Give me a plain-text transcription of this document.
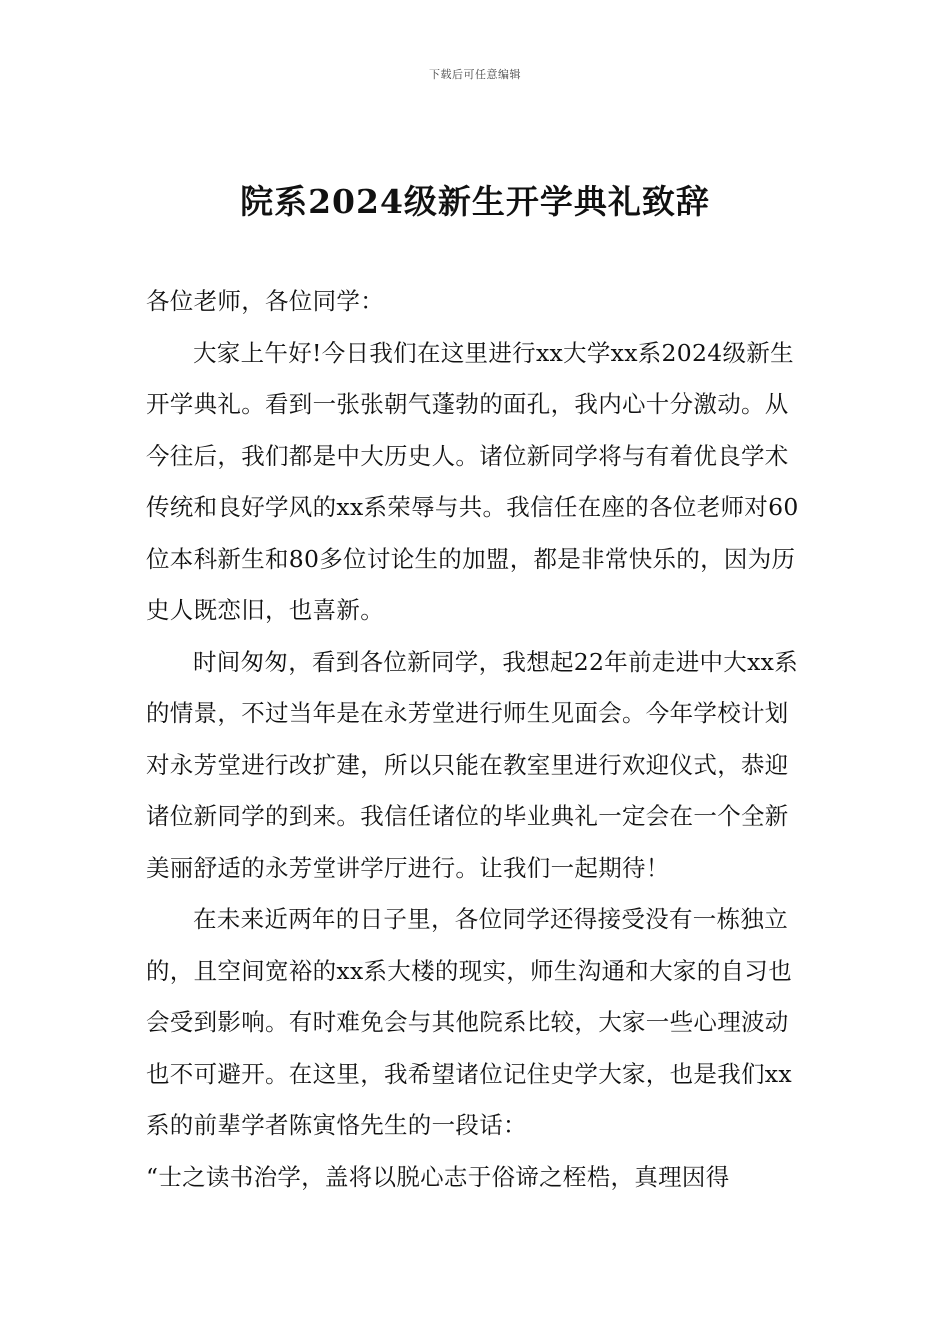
下载后可任意编辑
院系2024级新生开学典礼致辞

各位老师，各位同学：

大家上午好!今日我们在这里进行xx大学xx系2024级新生开学典礼。看到一张张朝气蓬勃的面孔，我内心十分激动。从今往后，我们都是中大历史人。诸位新同学将与有着优良学术传统和良好学风的xx系荣辱与共。我信任在座的各位老师对60位本科新生和80多位讨论生的加盟，都是非常快乐的，因为历史人既恋旧，也喜新。

时间匆匆，看到各位新同学，我想起22年前走进中大xx系的情景，不过当年是在永芳堂进行师生见面会。今年学校计划对永芳堂进行改扩建，所以只能在教室里进行欢迎仪式，恭迎诸位新同学的到来。我信任诸位的毕业典礼一定会在一个全新美丽舒适的永芳堂讲学厅进行。让我们一起期待！

在未来近两年的日子里，各位同学还得接受没有一栋独立的，且空间宽裕的xx系大楼的现实，师生沟通和大家的自习也会受到影响。有时难免会与其他院系比较，大家一些心理波动也不可避开。在这里，我希望诸位记住史学大家，也是我们xx系的前辈学者陈寅恪先生的一段话：

“士之读书治学，盖将以脱心志于俗谛之桎梏，真理因得
